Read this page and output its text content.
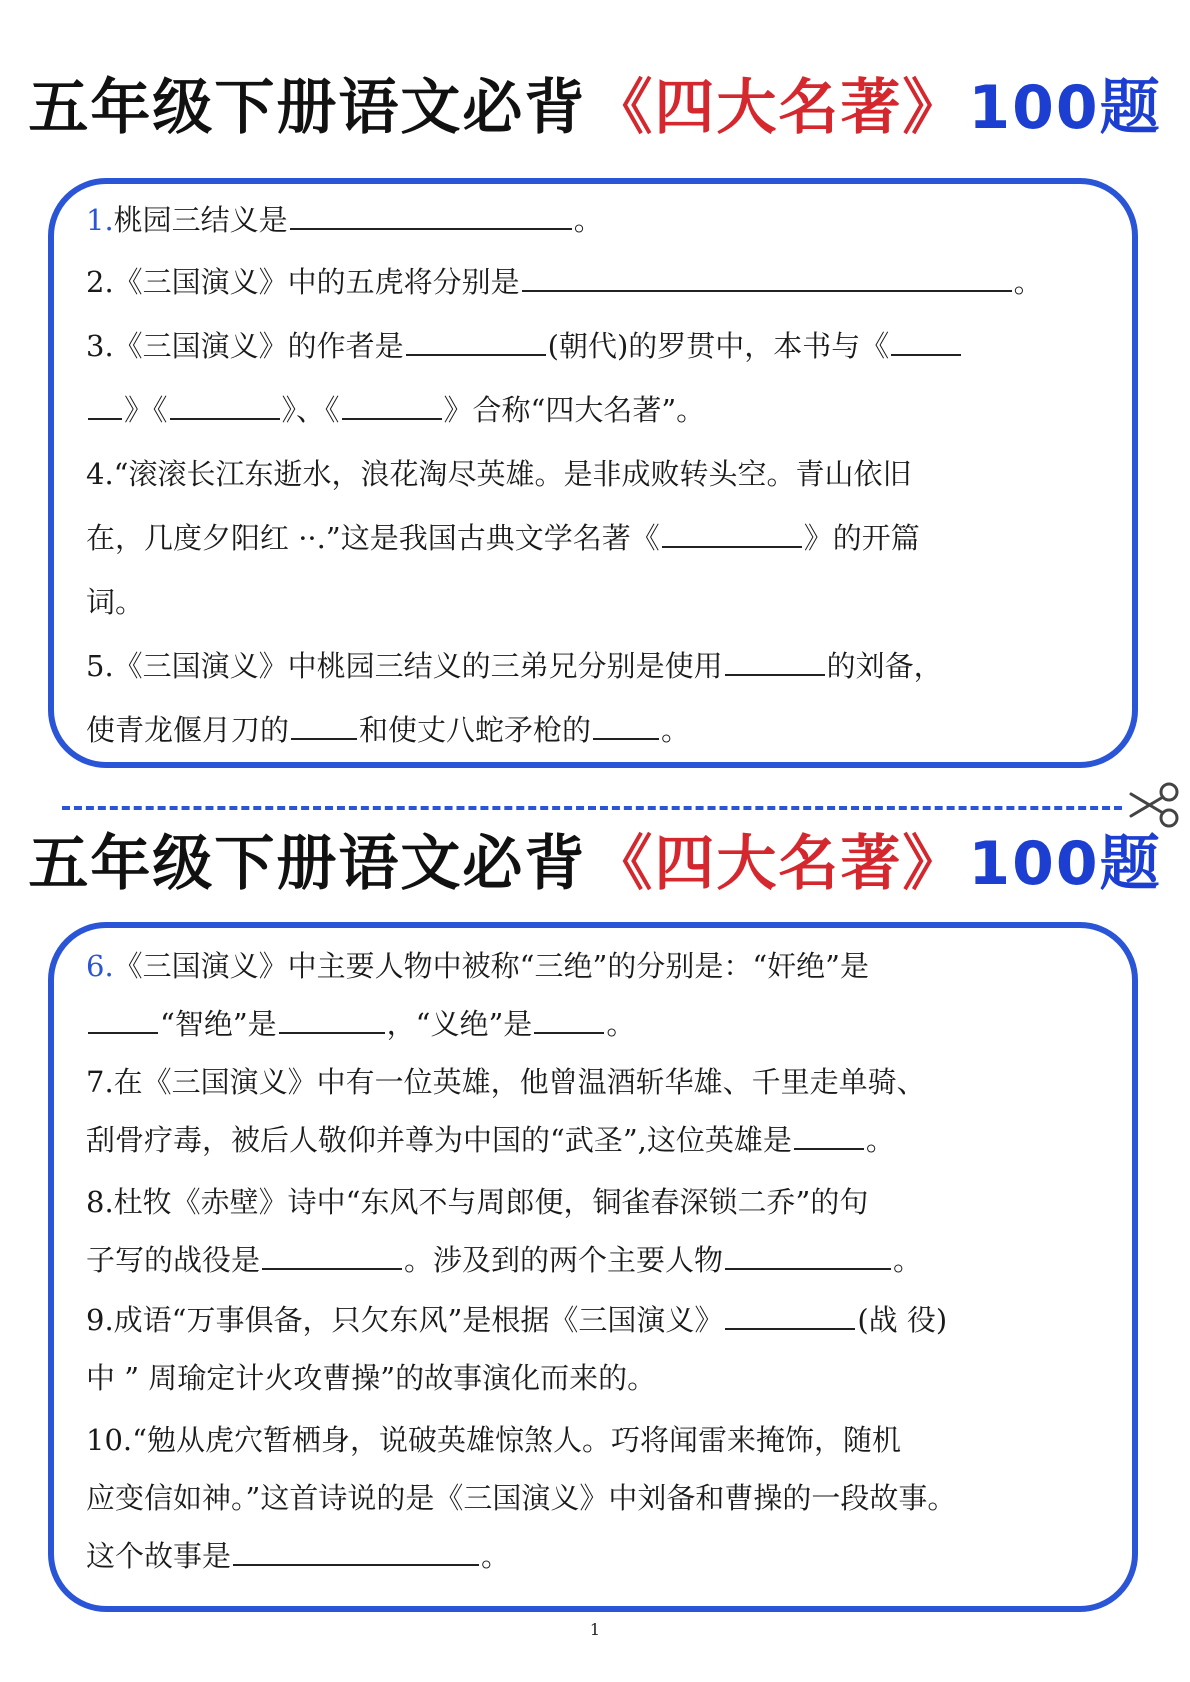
五年级下册语文必背 《四大名著》 100题
1.桃园三结义是	。
2.《三国演义》中的五虎将分别是	。
3.《三国演义》的作者是	(朝代)的罗贯中，本书与《
》《	》、《	》合称“四大名著”。
4.“滚滚长江东逝水，浪花淘尽英雄。是非成败转头空。青山依旧
在，几度夕阳红 ··.”这是我国古典文学名著《	》的开篇
词。
5.《三国演义》中桃园三结义的三弟兄分别是使用	的刘备，
使青龙偃月刀的 和使丈八蛇矛枪的 。
五年级下册语文必背 《四大名著》 100题
6.《三国演义》中主要人物中被称“三绝”的分别是：“奸绝”是
“智绝”是	，“义绝”是	。
7.在《三国演义》中有一位英雄，他曾温酒斩华雄、千里走单骑、
刮骨疗毒，被后人敬仰并尊为中国的“武圣”,这位英雄是	。
8.杜牧《赤壁》诗中“东风不与周郎便，铜雀春深锁二乔”的句
子写的战役是	。涉及到的两个主要人物	。
9.成语“万事俱备，只欠东风”是根据《三国演义》	(战 役)
中 ” 周瑜定计火攻曹操”的故事演化而来的。
10.“勉从虎穴暂栖身，说破英雄惊煞人。巧将闻雷来掩饰，随机
应变信如神。”这首诗说的是《三国演义》中刘备和曹操的一段故事。
这个故事是	。
1
